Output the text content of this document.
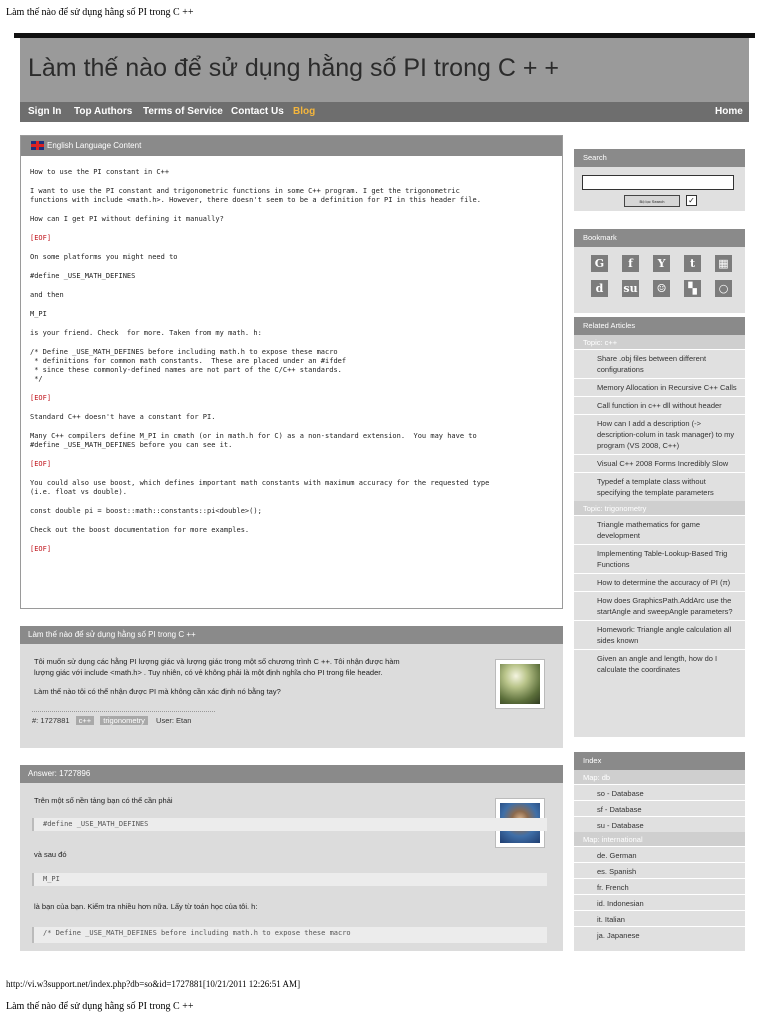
Làm thế nào để sử dụng hằng số PI trong C ++
Làm thế nào để sử dụng hằng số PI trong C + +
Sign In Top Authors Terms of Service Contact Us Blog	Home
English Language Content

How to use the PI constant in C++

I want to use the PI constant and trigonometric functions in some C++ program. I get the trigonometric
functions with include <math.h>. However, there doesn't seem to be a definition for PI in this header file.

How can I get PI without defining it manually?

[EOF]

On some platforms you might need to

#define _USE_MATH_DEFINES

and then

M_PI

is your friend. Check  for more. Taken from my math. h:

/* Define _USE_MATH_DEFINES before including math.h to expose these macro
* definitions for common math constants.  These are placed under an #ifdef
* since these commonly-defined names are not part of the C/C++ standards.
*/

[EOF]

Standard C++ doesn't have a constant for PI.

Many C++ compilers define M_PI in cmath (or in math.h for C) as a non-standard extension.  You may have to
#define _USE_MATH_DEFINES before you can see it.

[EOF]

You could also use boost, which defines important math constants with maximum accuracy for the requested type
(i.e. float vs double).

const double pi = boost::math::constants::pi<double>();

Check out the boost documentation for more examples.

[EOF]

Làm thế nào để sử dụng hằng số PI trong C ++
Tôi muốn sử dụng các hằng PI lượng giác và lượng giác trong một số chương trình C ++. Tôi nhận được hàm
lượng giác với include <math.h> . Tuy nhiên, có vẻ không phải là một định nghĩa cho PI trong file header.
Làm thế nào tôi có thể nhận được PI mà không cần xác định nó bằng tay?
#: 1727881 c++ trigonometry User: Etan
Answer: 1727896
Trên một số nền tảng bạn có thể cần phải
#define _USE_MATH_DEFINES
và sau đó
M_PI
là bạn của bạn. Kiểm tra nhiều hơn nữa. Lấy từ toán học của tôi. h:
/* Define _USE_MATH_DEFINES before including math.h to expose these macro
Search
Bộ lọc Search	✓
Bookmark
G	f	Y	t	▦
d	su	☺	▚	○
Related Articles
Topic: c++
Share .obj files between different configurations
Memory Allocation in Recursive C++ Calls
Call function in c++ dll without header
How can I add a description (-> description-colum in task manager) to my program (VS 2008, C++)
Visual C++ 2008 Forms Incredibly Slow
Typedef a template class without specifying the template parameters
Topic: trigonometry
Triangle mathematics for game development
Implementing Table-Lookup-Based Trig Functions
How to determine the accuracy of PI (π)
How does GraphicsPath.AddArc use the startAngle and sweepAngle parameters?
Homework: Triangle angle calculation all sides known
Given an angle and length, how do I calculate the coordinates
Index
Map: db
so - Database
sf - Database
su - Database
Map: international
de. German
es. Spanish
fr. French
id. Indonesian
it. Italian
ja. Japanese
http://vi.w3support.net/index.php?db=so&id=1727881[10/21/2011 12:26:51 AM]
Làm thế nào để sử dụng hằng số PI trong C ++
